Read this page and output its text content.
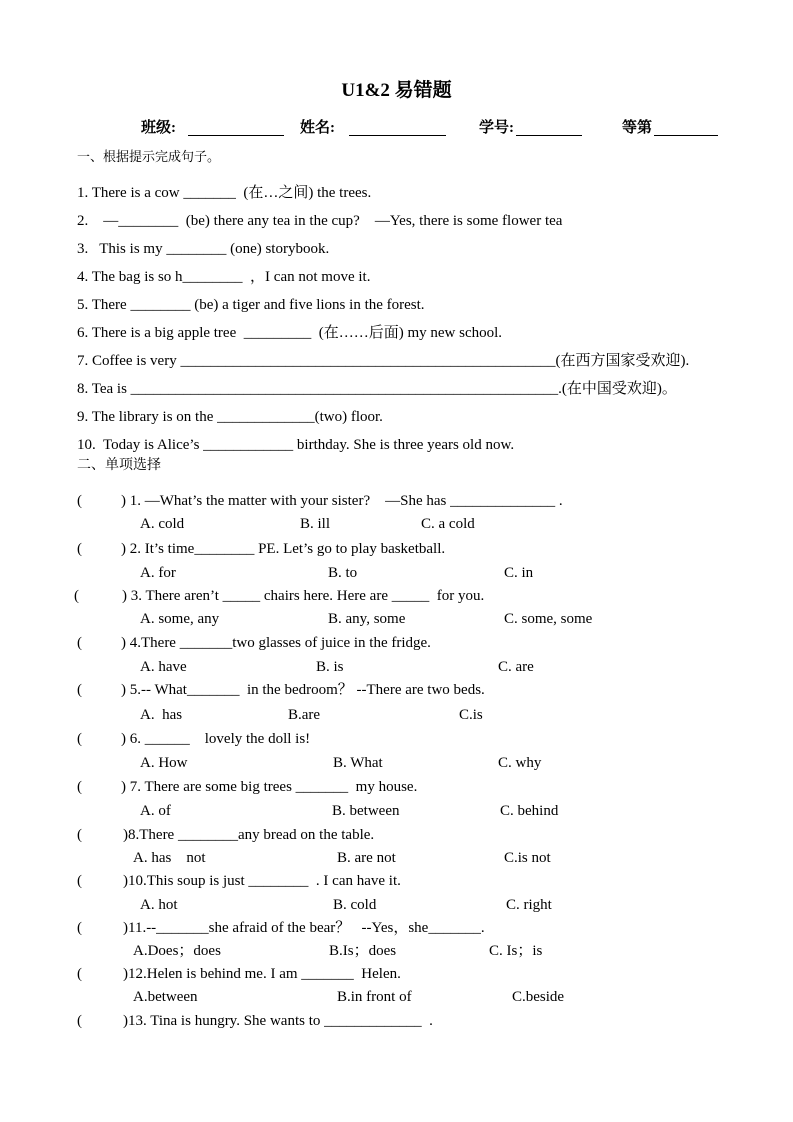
U1&2 易错题
班级:	姓名:	学号:	等第
一、根据提示完成句子。
1. There is a cow _______  (在…之间) the trees.
2.    —________  (be) there any tea in the cup?    —Yes, there is some flower tea
3.   This is my ________ (one) storybook.
4. The bag is so h________  ，I can not move it.
5. There ________ (be) a tiger and five lions in the forest.
6. There is a big apple tree  _________  (在……后面) my new school.
7. Coffee is very __________________________________________________(在西方国家受欢迎).
8. Tea is _________________________________________________________.(在中国受欢迎)。
9. The library is on the _____________(two) floor.
10.  Today is Alice’s ____________ birthday. She is three years old now.
二、单项选择
(	) 1. —What’s the matter with your sister?    —She has ______________ .
A. cold	B. ill	C. a cold
(	) 2. It’s time________ PE. Let’s go to play basketball.
A. for	B. to	C. in
(	) 3. There aren’t _____ chairs here. Here are _____  for you.
A. some, any	B. any, some	C. some, some
(	) 4.There _______two glasses of juice in the fridge.
A. have	B. is	C. are
(	) 5.-- What_______  in the bedroom？ --There are two beds.
A.  has	B.are	C.is
(	) 6. ______    lovely the doll is!
A. How	B. What	C. why
(	) 7. There are some big trees _______  my house.
A. of	B. between	C. behind
(	)8.There ________any bread on the table.
A. has    not	B. are not	C.is not
(	)10.This soup is just ________  . I can have it.
A. hot	B. cold	C. right
(	)11.--_______she afraid of the bear？   --Yes，she_______.
A.Does；does	B.Is；does	C. Is；is
(	)12.Helen is behind me. I am _______  Helen.
A.between	B.in front of	C.beside
(	)13. Tina is hungry. She wants to _____________  .
